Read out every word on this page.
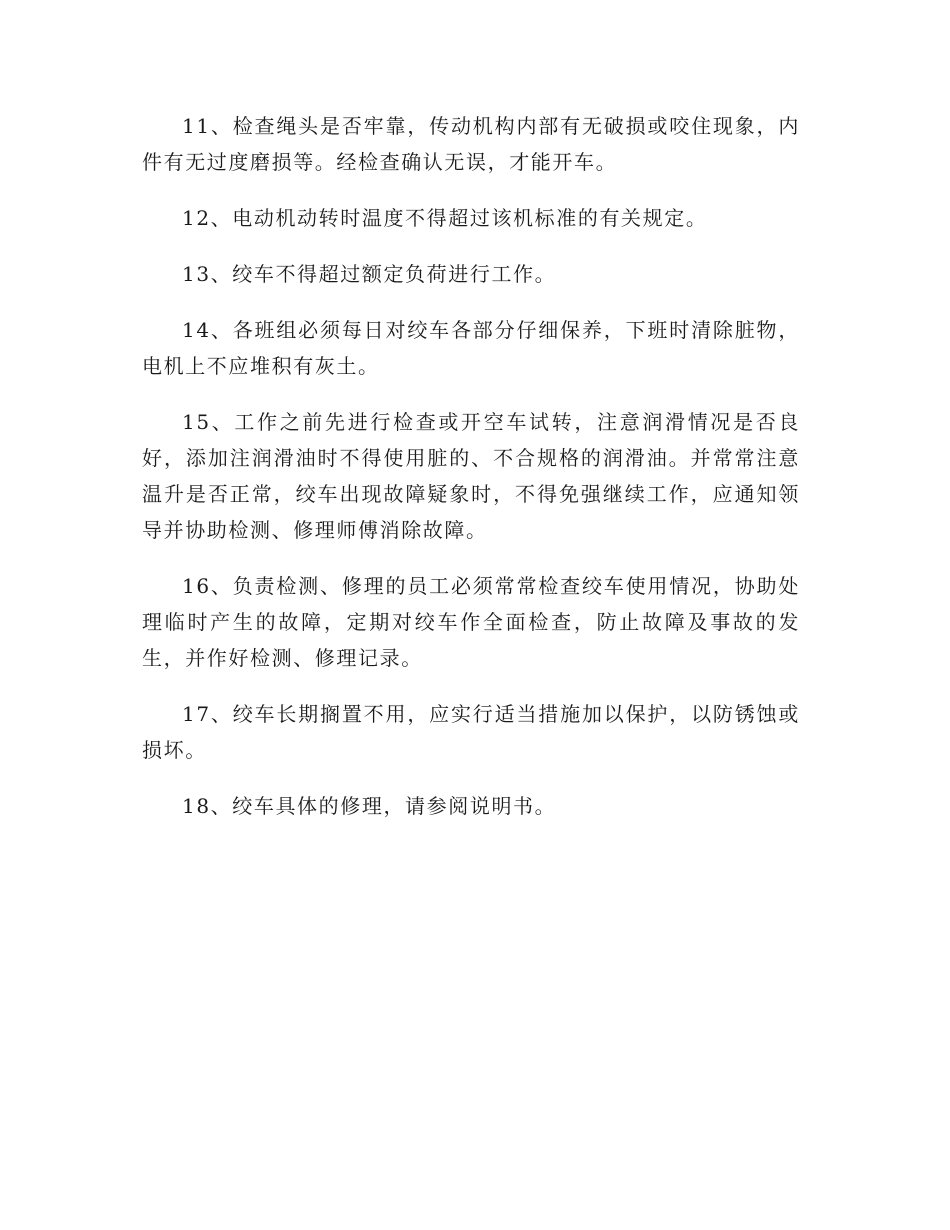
11、检查绳头是否牢靠，传动机构内部有无破损或咬住现象，内件有无过度磨损等。经检查确认无误，才能开车。

12、电动机动转时温度不得超过该机标准的有关规定。

13、绞车不得超过额定负荷进行工作。

14、各班组必须每日对绞车各部分仔细保养，下班时清除脏物，电机上不应堆积有灰土。

15、工作之前先进行检查或开空车试转，注意润滑情况是否良好，添加注润滑油时不得使用脏的、不合规格的润滑油。并常常注意温升是否正常，绞车出现故障疑象时，不得免强继续工作，应通知领导并协助检测、修理师傅消除故障。

16、负责检测、修理的员工必须常常检查绞车使用情况，协助处理临时产生的故障，定期对绞车作全面检查，防止故障及事故的发生，并作好检测、修理记录。

17、绞车长期搁置不用，应实行适当措施加以保护，以防锈蚀或损坏。

18、绞车具体的修理，请参阅说明书。
